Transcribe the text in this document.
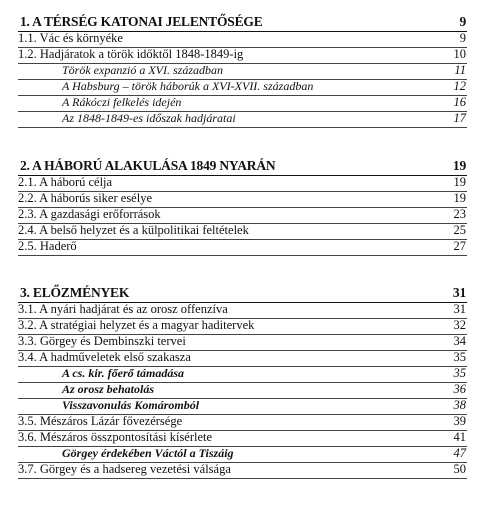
1. A TÉRSÉG KATONAI JELENTŐSÉGE	9
1.1. Vác és környéke	9
1.2. Hadjáratok a török időktől 1848-1849-ig	10
Török expanzió a XVI. században	11
A Habsburg – török háborúk a XVI-XVII. században	12
A Rákóczi felkelés idején	16
Az 1848-1849-es időszak hadjáratai	17
2. A HÁBORÚ ALAKULÁSA 1849 NYARÁN	19
2.1. A háború célja	19
2.2. A háborús siker esélye	19
2.3. A gazdasági erőforrások	23
2.4. A belső helyzet és a külpolitikai feltételek	25
2.5. Haderő	27
3. ELŐZMÉNYEK	31
3.1. A nyári hadjárat és az orosz offenzíva	31
3.2. A stratégiai helyzet és a magyar haditervek	32
3.3. Görgey és Dembinszki tervei	34
3.4. A hadműveletek első szakasza	35
A cs. kir. főerő támadása	35
Az orosz behatolás	36
Visszavonulás Komáromból	38
3.5. Mészáros Lázár fővezérsége	39
3.6. Mészáros összpontosítási kísérlete	41
Görgey érdekében Váctól a Tiszáig	47
3.7. Görgey és a hadsereg vezetési válsága	50
